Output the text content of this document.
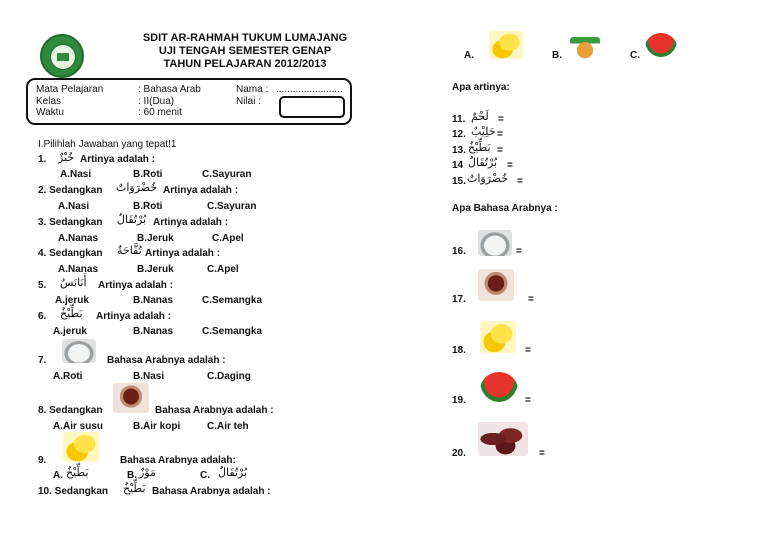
SDIT AR-RAHMAH TUKUM LUMAJANG
UJI TENGAH SEMESTER GENAP
TAHUN PELAJARAN 2012/2013
Mata Pelajaran	: Bahasa Arab	Nama : ........................
Kelas	: II(Dua)	Nilai :
Waktu	: 60 menit
I.Pilihlah Jawaban yang tepat!1
1. خُبْزٌ Artinya adalah :
A.Nasi	B.Roti	C.Sayuran
2. Sedangkan خُضْرَوَاتٌ Artinya adalah :
A.Nasi	B.Roti	C.Sayuran
3. Sedangkan بُرْتُقَالٌ Artinya adalah :
A.Nanas	B.Jeruk	C.Apel
4. Sedangkan تُفَّاحَةٌ Artinya adalah :
A.Nanas	B.Jeruk	C.Apel
5. أَنَانَسٌ Artinya adalah :
A.jeruk	B.Nanas	C.Semangka
6. بَطِّيْخٌ Artinya adalah :
A.jeruk	B.Nanas	C.Semangka
7.	Bahasa Arabnya adalah :
A.Roti	B.Nasi	C.Daging
8. Sedangkan	Bahasa Arabnya adalah :
A.Air susu	B.Air kopi	C.Air teh
9.	Bahasa Arabnya adalah:
A. بَطِّيْخٌ	B. مَوْزٌ	C. بُرْتُقَالٌ
10. Sedangkan بَطِّيْخٌ Bahasa Arabnya adalah :
A.	B.	C.
Apa artinya:
11. لَحْمٌ =
12. حَلِيْبٌ =
13. بَطِّيْخٌ =
14 بُرْتُقَالٌ =
15. خُضْرَوَاتٌ =
Apa Bahasa Arabnya :
16.	=
17.	=
18.	=
19.	=
20.	=
